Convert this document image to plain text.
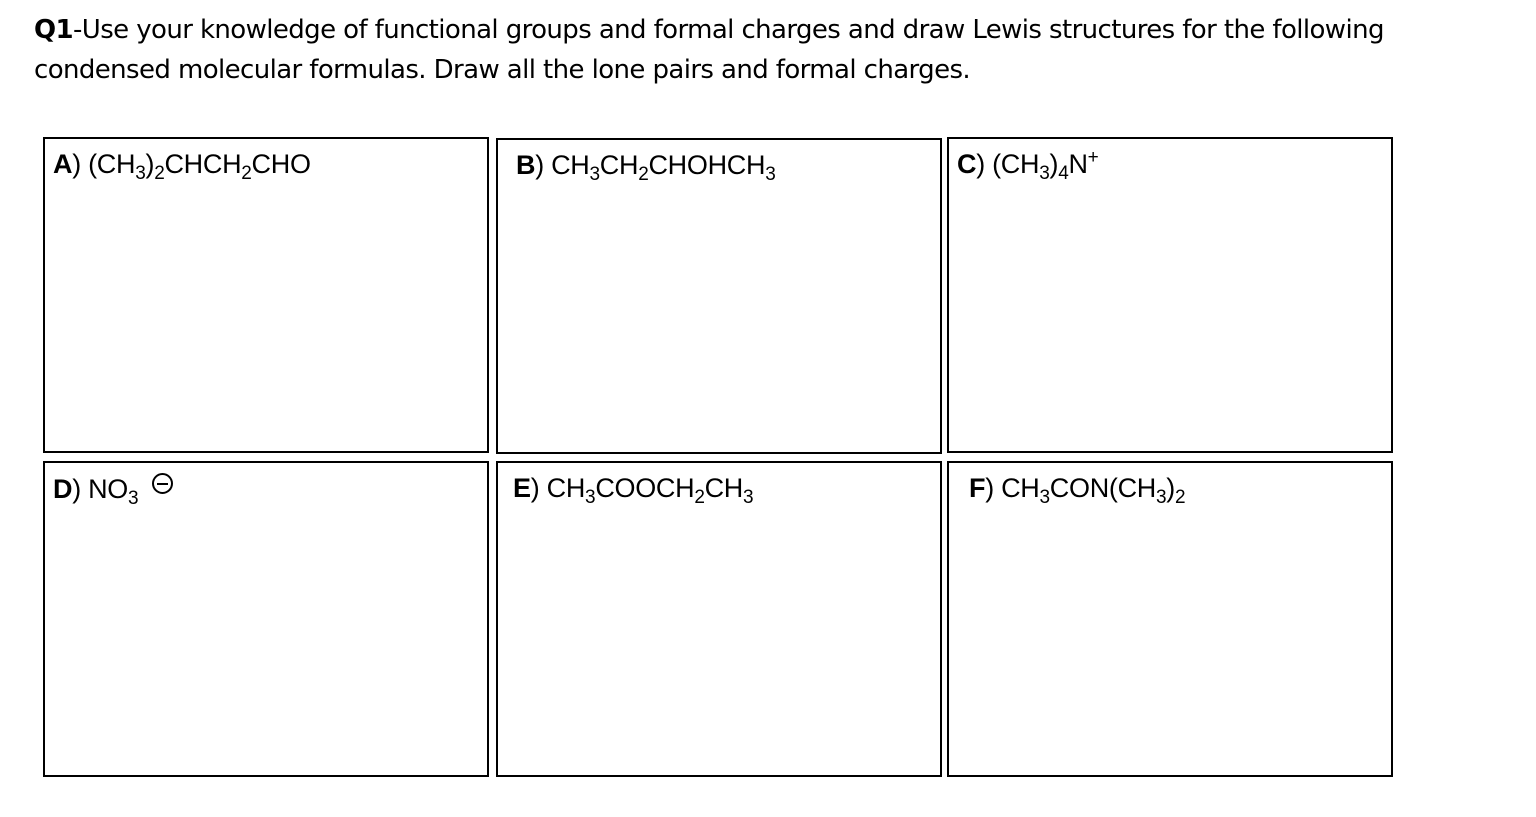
Q1-Use your knowledge of functional groups and formal charges and draw Lewis structures for the following condensed molecular formulas. Draw all the lone pairs and formal charges.
A) $(CH_3)_2CHCH_2CHO$	B) $CH_3CH_2CHOHCH_3$	C) $(CH_3)_4N^+$
D) $NO_3$	E) $CH_3COOCH_2CH_3$	F) $CH_3CON(CH_3)_2$
